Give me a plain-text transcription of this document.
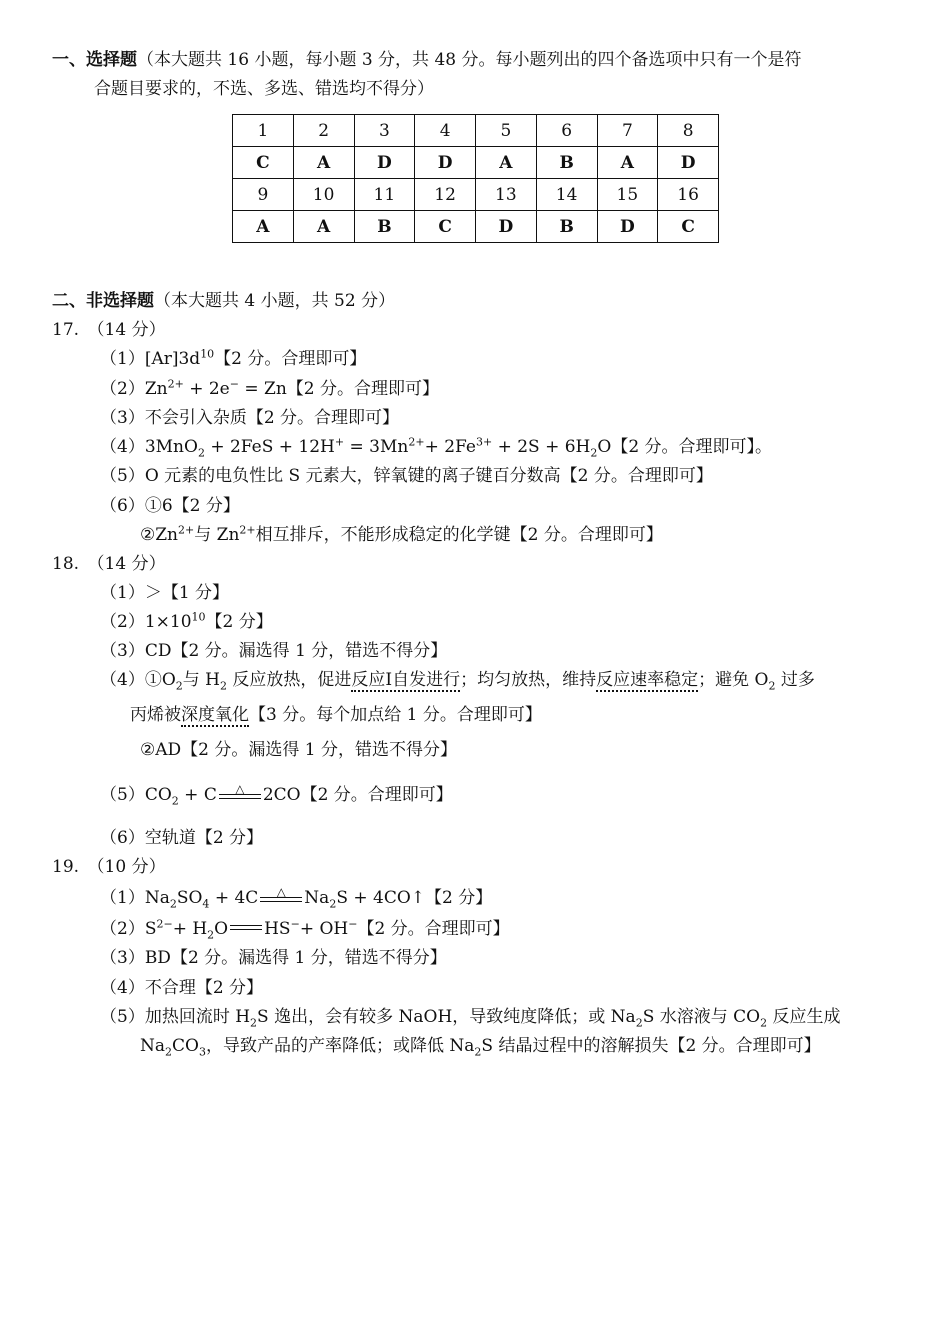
一、选择题（本大题共 16 小题，每小题 3 分，共 48 分。每小题列出的四个备选项中只有一个是符
合题目要求的，不选、多选、错选均不得分）
1	2	3	4	5	6	7	8
C	A	D	D	A	B	A	D
9	10	11	12	13	14	15	16
A	A	B	C	D	B	D	C
二、非选择题（本大题共 4 小题，共 52 分）
17.　（14 分）
$(1)[Ar]3d^{10}$【2 分。合理即可】
$(2)Zn^{2+} + 2e^- = Zn$【2 分。合理即可】
（3）不会引入杂质【2 分。合理即可】
$(4)3MnO_2 + 2FeS + 12H^+ = 3Mn^{2+}+ 2Fe^{3+} + 2S + 6H_2O$【2 分。合理即可】。
（5）O 元素的电负性比 S 元素大，锌氧键的离子键百分数高【2 分。合理即可】
（6）①6【2 分】
$②Zn^{2+}$与 $Zn^{2+}$相互排斥，不能形成稳定的化学键【2 分。合理即可】
18.　（14 分）
（1）＞【1 分】
$(2)1\times 10^{10}$【2 分】
（3）CD【2 分。漏选得 1 分，错选不得分】
$(4)①O_2$与 $H_2$ 反应放热，促进反应Ⅰ自发进行；均匀放热，维持反应速率稳定；避免 $O_2$ 过多
丙烯被深度氧化【3 分。每个加点给 1 分。合理即可】
②AD【2 分。漏选得 1 分，错选不得分】
$(5)CO_2 + C$	△	2CO【2 分。合理即可】
（6）空轨道【2 分】
19.　（10 分）
$(1)Na_2SO_4 + 4C$	△	$Na_2S$ + 4CO↑【2 分】
$(2)S^{2-}+ H_2O$ HS−+ OH−【2 分。合理即可】
（3）BD【2 分。漏选得 1 分，错选不得分】
（4）不合理【2 分】
（5）加热回流时 $H_2S$ 逸出，会有较多 NaOH，导致纯度降低；或 $Na_2S$ 水溶液与 $CO_2$ 反应生成
$Na_2CO_3$，导致产品的产率降低；或降低 $Na_2S$ 结晶过程中的溶解损失【2 分。合理即可】
